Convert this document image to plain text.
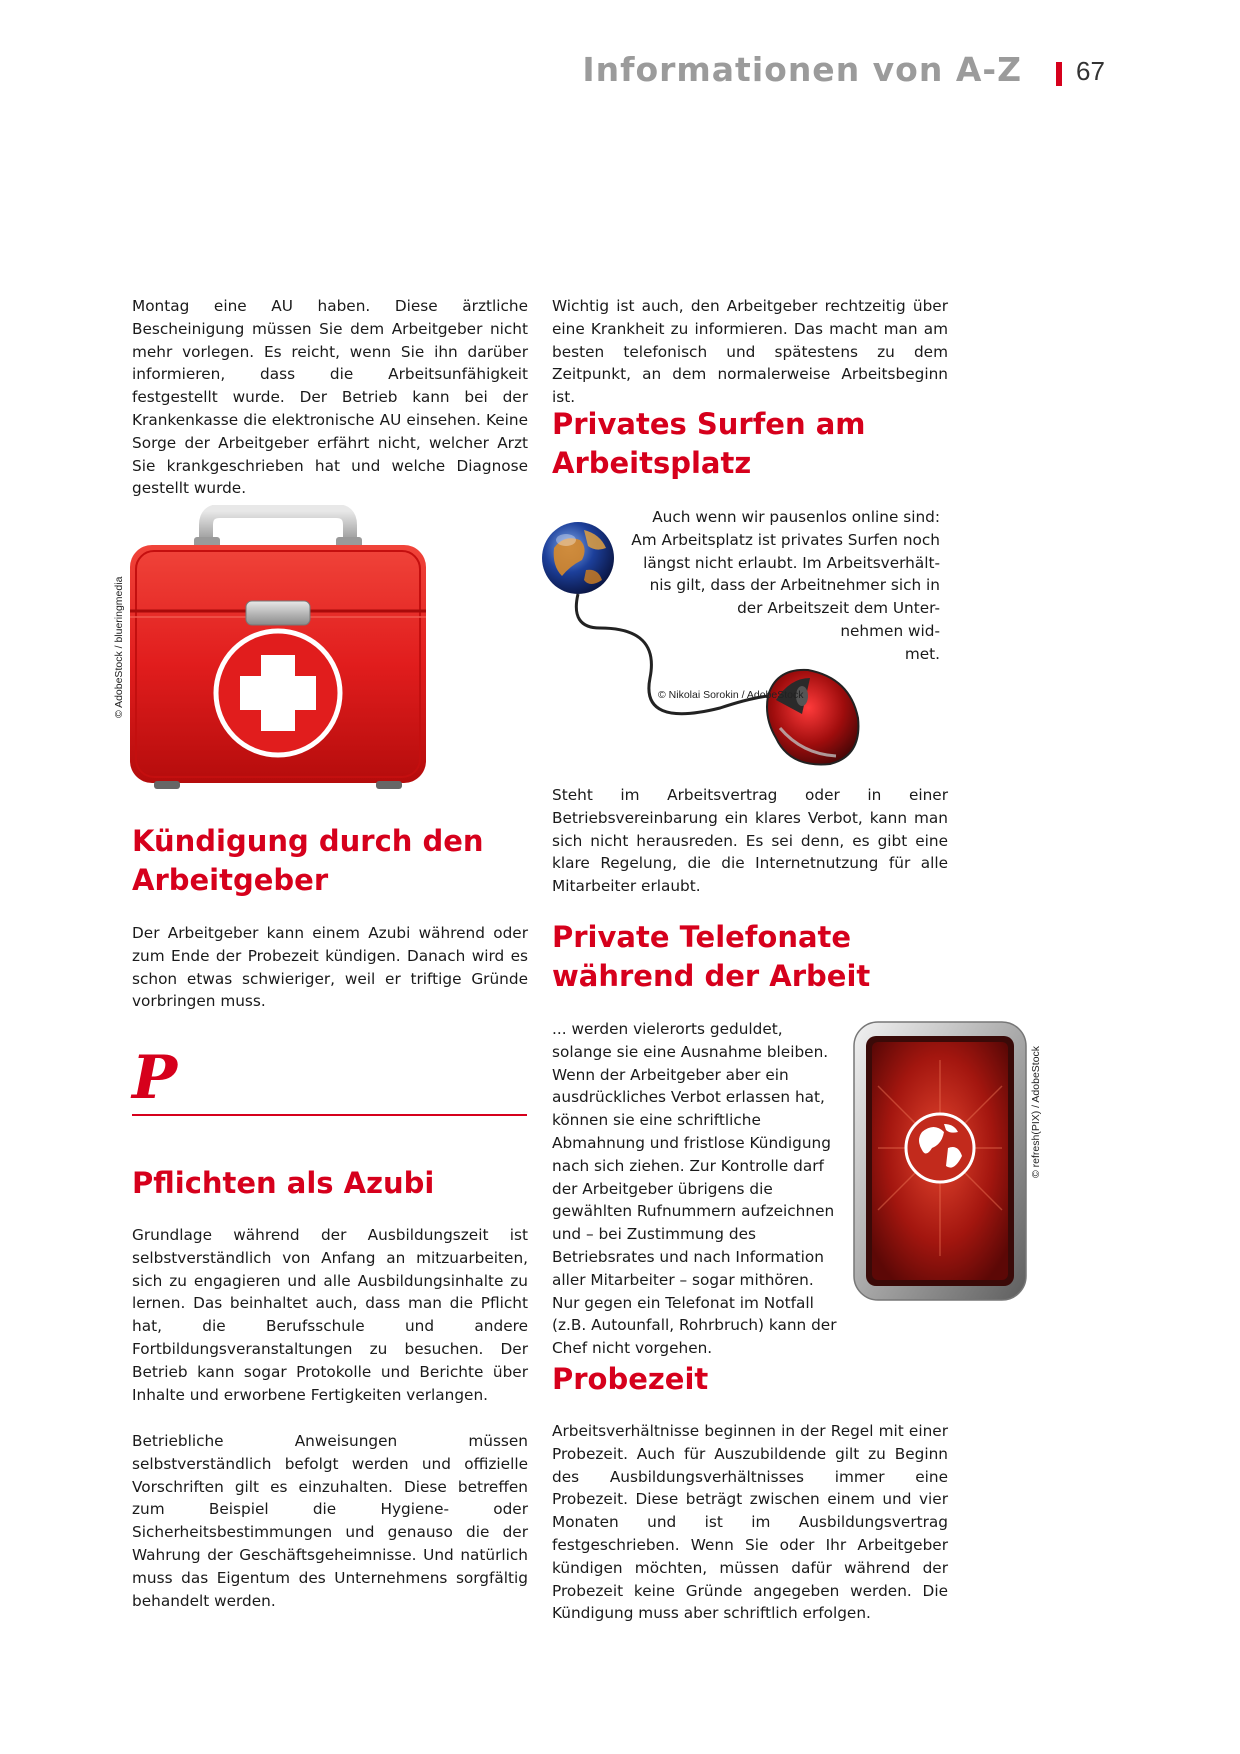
Informationen von A-Z 67
Montag eine AU haben. Diese ärztliche Bescheinigung müssen Sie dem Arbeitgeber nicht mehr vorlegen. Es reicht, wenn Sie ihn darüber informieren, dass die Arbeitsunfähigkeit festgestellt wurde. Der Betrieb kann bei der Krankenkasse die elektronische AU einsehen. Keine Sorge der Arbeitgeber erfährt nicht, welcher Arzt Sie krankgeschrieben hat und welche Diagnose gestellt wurde.
© AdobeStock / blueringmedia
Kündigung durch den Arbeitgeber
Der Arbeitgeber kann einem Azubi während oder zum Ende der Probezeit kündigen. Danach wird es schon etwas schwieriger, weil er triftige Gründe vorbringen muss.
P
Pflichten als Azubi
Grundlage während der Ausbildungszeit ist selbstverständlich von Anfang an mitzuarbeiten, sich zu engagieren und alle Ausbildungsinhalte zu lernen. Das beinhaltet auch, dass man die Pflicht hat, die Berufsschule und andere Fortbildungsveranstaltungen zu besuchen. Der Betrieb kann sogar Protokolle und Berichte über Inhalte und erworbene Fertigkeiten verlangen.
Betriebliche Anweisungen müssen selbstverständlich befolgt werden und offizielle Vorschriften gilt es einzuhalten. Diese betreffen zum Beispiel die Hygiene- oder Sicherheitsbestimmungen und genauso die der Wahrung der Geschäftsgeheimnisse. Und natürlich muss das Eigentum des Unternehmens sorgfältig behandelt werden.
Wichtig ist auch, den Arbeitgeber rechtzeitig über eine Krankheit zu informieren. Das macht man am besten telefonisch und spätestens zu dem Zeitpunkt, an dem normalerweise Arbeitsbeginn ist.
Privates Surfen am Arbeitsplatz
Auch wenn wir pausenlos online sind:
Am Arbeitsplatz ist privates Surfen noch
längst nicht erlaubt. Im Arbeitsverhält-
nis gilt, dass der Arbeitnehmer sich in
der Arbeitszeit dem Unter-
nehmen wid-
met.
© Nikolai Sorokin / AdobeStock
Steht im Arbeitsvertrag oder in einer Betriebsvereinbarung ein klares Verbot, kann man sich nicht herausreden. Es sei denn, es gibt eine klare Regelung, die die Internetnutzung für alle Mitarbeiter erlaubt.
Private Telefonate während der Arbeit
... werden vielerorts geduldet, solange sie eine Ausnahme bleiben. Wenn der Arbeitgeber aber ein ausdrückliches Verbot erlassen hat, können sie eine schriftliche Abmahnung und fristlose Kündigung nach sich ziehen. Zur Kontrolle darf der Arbeitgeber übrigens die gewählten Rufnummern aufzeichnen und – bei Zustimmung des Betriebsrates und nach Information aller Mitarbeiter – sogar mithören. Nur gegen ein Telefonat im Notfall (z.B. Autounfall, Rohrbruch) kann der Chef nicht vorgehen.
© refresh(PIX) / AdobeStock
Probezeit
Arbeitsverhältnisse beginnen in der Regel mit einer Probezeit. Auch für Auszubildende gilt zu Beginn des Ausbildungsverhältnisses immer eine Probezeit. Diese beträgt zwischen einem und vier Monaten und ist im Ausbildungsvertrag festgeschrieben. Wenn Sie oder Ihr Arbeitgeber kündigen möchten, müssen dafür während der Probezeit keine Gründe angegeben werden. Die Kündigung muss aber schriftlich erfolgen.
